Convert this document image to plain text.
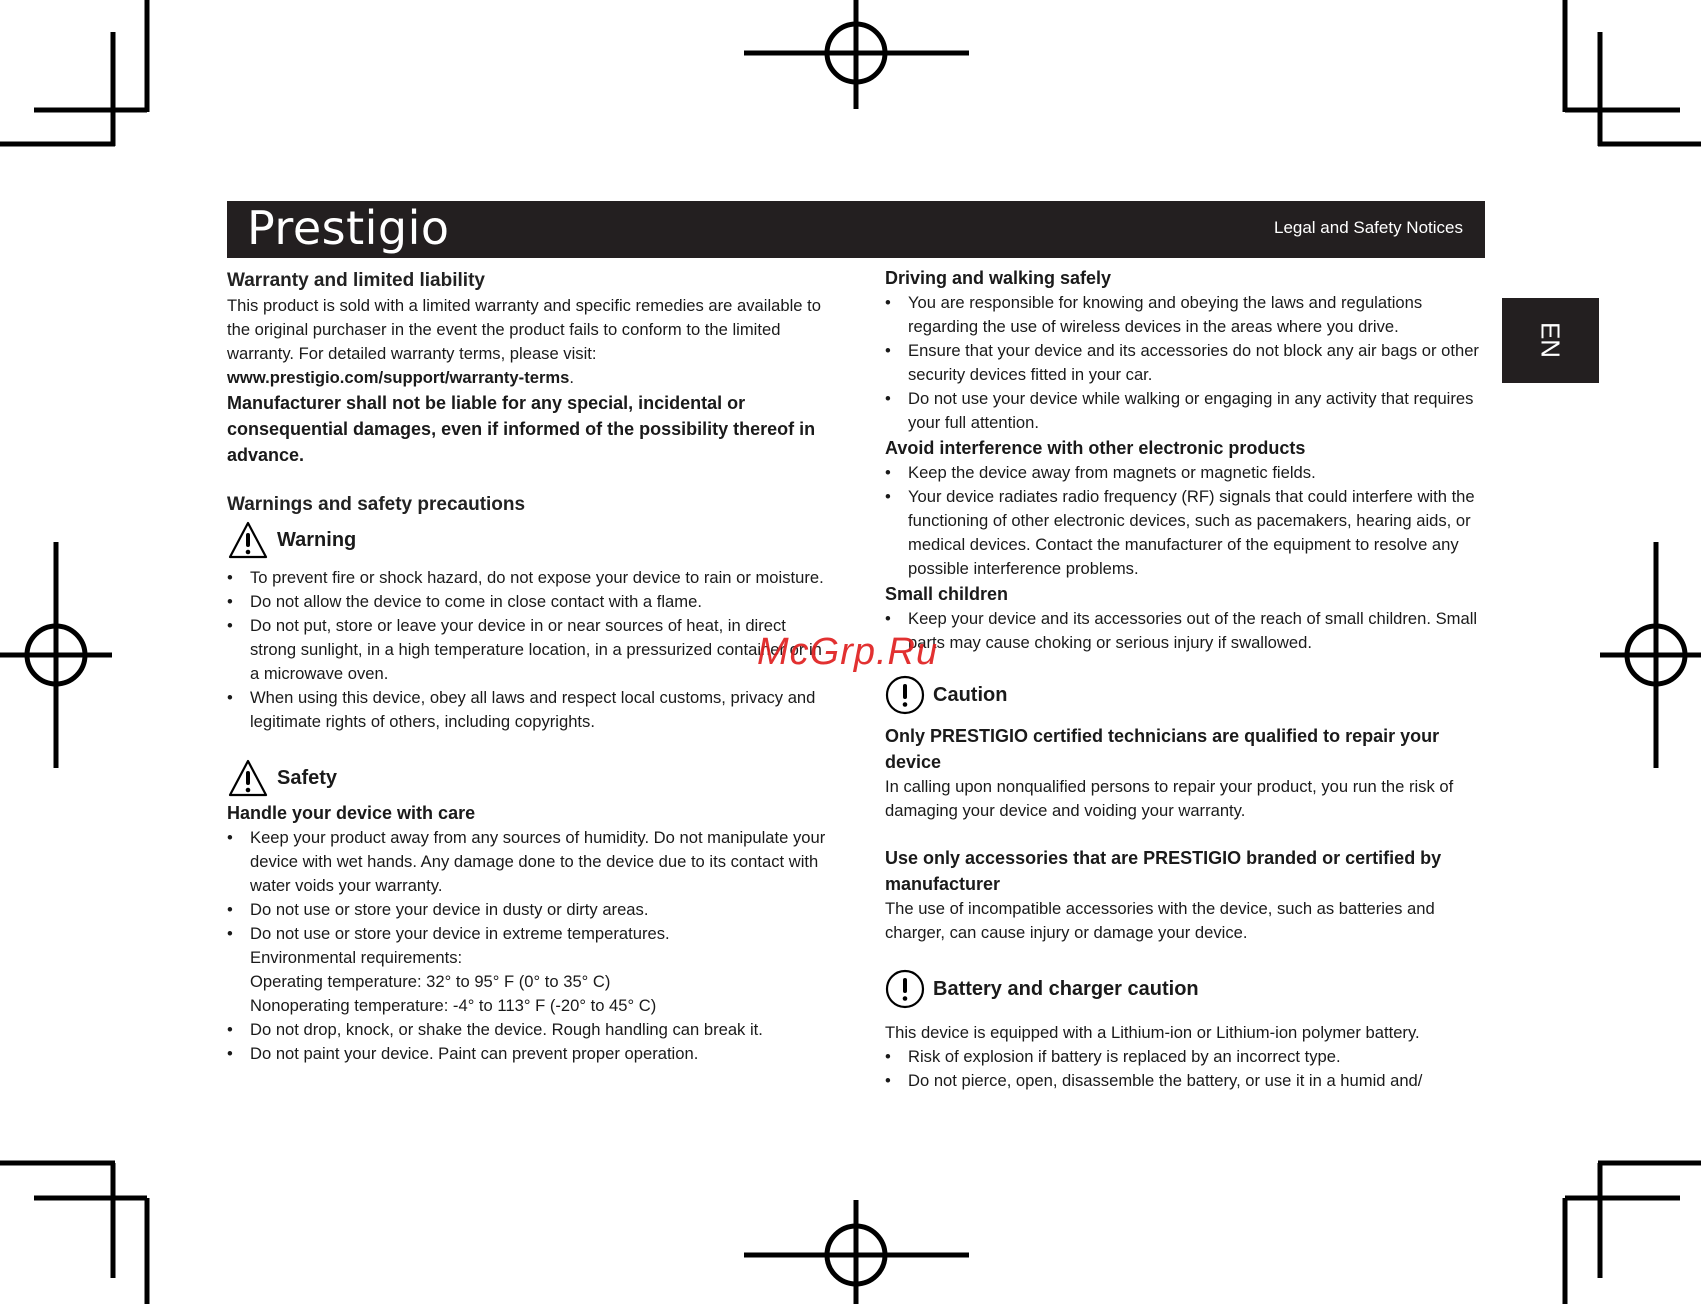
Prestigio	Legal and Safety Notices
EN
Warranty and limited liability

This product is sold with a limited warranty and specific remedies are available to the original purchaser in the event the product fails to conform to the limited warranty. For detailed warranty terms, please visit: www.prestigio.com/support/warranty-terms.

Manufacturer shall not be liable for any special, incidental or consequential damages, even if informed of the possibility thereof in advance.

Warnings and safety precautions
Warning
• To prevent fire or shock hazard, do not expose your device to rain or moisture.
• Do not allow the device to come in close contact with a flame.
• Do not put, store or leave your device in or near sources of heat, in direct strong sunlight, in a high temperature location, in a pressurized container or in a microwave oven.
• When using this device, obey all laws and respect local customs, privacy and legitimate rights of others, including copyrights.
Safety
Handle your device with care
• Keep your product away from any sources of humidity. Do not manipulate your device with wet hands. Any damage done to the device due to its contact with water voids your warranty.
• Do not use or store your device in dusty or dirty areas.
• Do not use or store your device in extreme temperatures.
Environmental requirements:
Operating temperature: 32° to 95° F (0° to 35° C)
Nonoperating temperature: -4° to 113° F (-20° to 45° C)
• Do not drop, knock, or shake the device. Rough handling can break it.
• Do not paint your device. Paint can prevent proper operation.
Driving and walking safely
• You are responsible for knowing and obeying the laws and regulations regarding the use of wireless devices in the areas where you drive.
• Ensure that your device and its accessories do not block any air bags or other security devices fitted in your car.
• Do not use your device while walking or engaging in any activity that requires your full attention.
Avoid interference with other electronic products
• Keep the device away from magnets or magnetic fields.
• Your device radiates radio frequency (RF) signals that could interfere with the functioning of other electronic devices, such as pacemakers, hearing aids, or medical devices. Contact the manufacturer of the equipment to resolve any possible interference problems.
Small children
• Keep your device and its accessories out of the reach of small children. Small parts may cause choking or serious injury if swallowed.
Caution
Only PRESTIGIO certified technicians are qualified to repair your device

In calling upon nonqualified persons to repair your product, you run the risk of damaging your device and voiding your warranty.

Use only accessories that are PRESTIGIO branded or certified by manufacturer

The use of incompatible accessories with the device, such as batteries and charger, can cause injury or damage your device.

Battery and charger caution

This device is equipped with a Lithium-ion or Lithium-ion polymer battery.

• Risk of explosion if battery is replaced by an incorrect type.
• Do not pierce, open, disassemble the battery, or use it in a humid and/
McGrp.Ru
